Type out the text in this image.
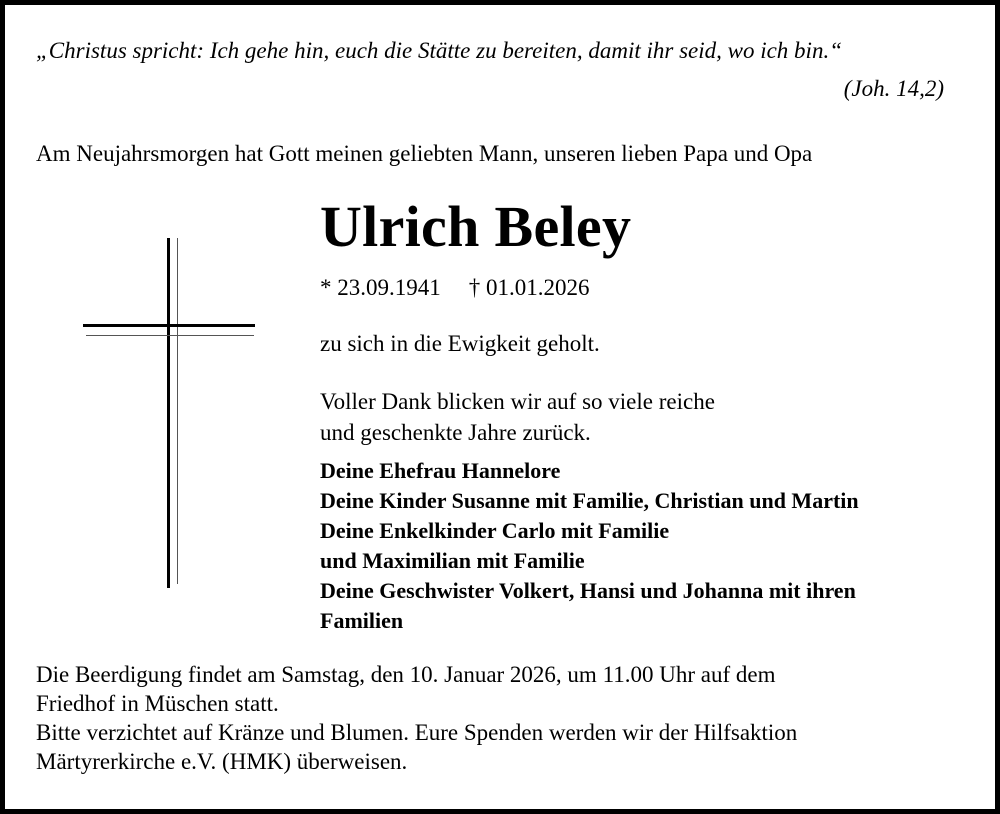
„Christus spricht: Ich gehe hin, euch die Stätte zu bereiten, damit ihr seid, wo ich bin.“
(Joh. 14,2)
Am Neujahrsmorgen hat Gott meinen geliebten Mann, unseren lieben Papa und Opa
Ulrich Beley
* 23.09.1941 † 01.01.2026
zu sich in die Ewigkeit geholt.
Voller Dank blicken wir auf so viele reiche
und geschenkte Jahre zurück.
Deine Ehefrau Hannelore
Deine Kinder Susanne mit Familie, Christian und Martin
Deine Enkelkinder Carlo mit Familie
und Maximilian mit Familie
Deine Geschwister Volkert, Hansi und Johanna mit ihren
Familien
Die Beerdigung findet am Samstag, den 10. Januar 2026, um 11.00 Uhr auf dem
Friedhof in Müschen statt.
Bitte verzichtet auf Kränze und Blumen. Eure Spenden werden wir der Hilfsaktion
Märtyrerkirche e.V. (HMK) überweisen.
